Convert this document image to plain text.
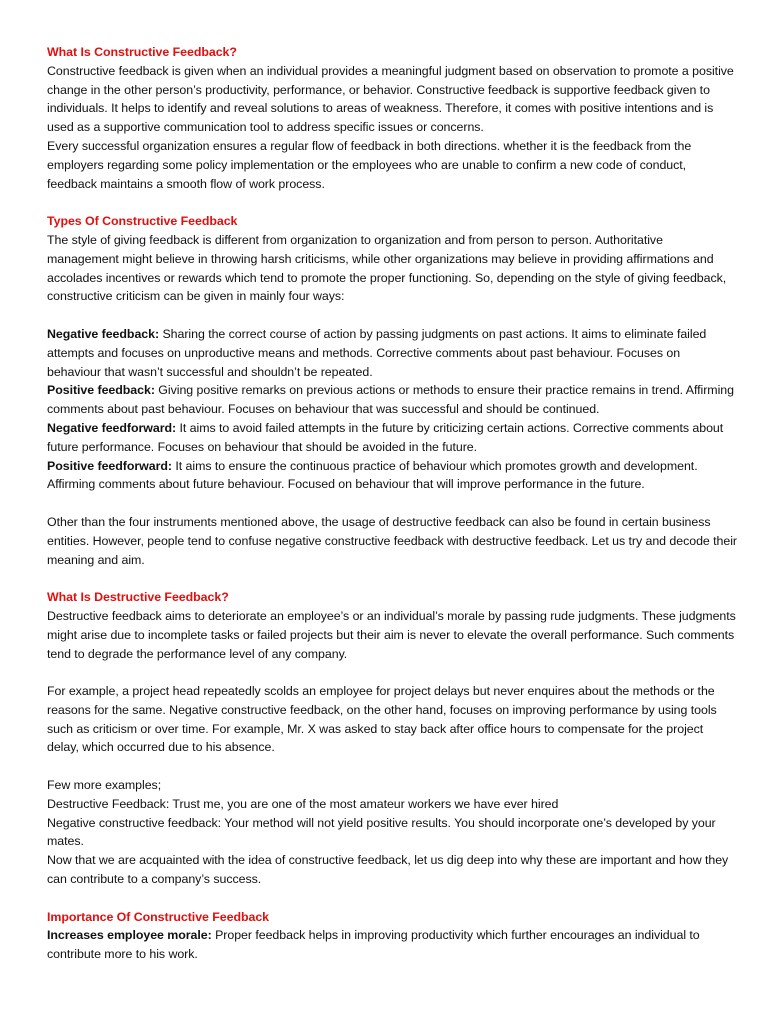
What Is Constructive Feedback?

Constructive feedback is given when an individual provides a meaningful judgment based on observation to promote a positive change in the other person’s productivity, performance, or behavior. Constructive feedback is supportive feedback given to individuals. It helps to identify and reveal solutions to areas of weakness. Therefore, it comes with positive intentions and is used as a supportive communication tool to address specific issues or concerns.

Every successful organization ensures a regular flow of feedback in both directions. whether it is the feedback from the employers regarding some policy implementation or the employees who are unable to confirm a new code of conduct, feedback maintains a smooth flow of work process.

Types Of Constructive Feedback

The style of giving feedback is different from organization to organization and from person to person. Authoritative management might believe in throwing harsh criticisms, while other organizations may believe in providing affirmations and accolades incentives or rewards which tend to promote the proper functioning. So, depending on the style of giving feedback, constructive criticism can be given in mainly four ways:

Negative feedback: Sharing the correct course of action by passing judgments on past actions. It aims to eliminate failed attempts and focuses on unproductive means and methods. Corrective comments about past behaviour. Focuses on behaviour that wasn’t successful and shouldn’t be repeated.

Positive feedback: Giving positive remarks on previous actions or methods to ensure their practice remains in trend. Affirming comments about past behaviour. Focuses on behaviour that was successful and should be continued.

Negative feedforward: It aims to avoid failed attempts in the future by criticizing certain actions. Corrective comments about future performance. Focuses on behaviour that should be avoided in the future.

Positive feedforward: It aims to ensure the continuous practice of behaviour which promotes growth and development. Affirming comments about future behaviour. Focused on behaviour that will improve performance in the future.

Other than the four instruments mentioned above, the usage of destructive feedback can also be found in certain business entities. However, people tend to confuse negative constructive feedback with destructive feedback. Let us try and decode their meaning and aim.

What Is Destructive Feedback?

Destructive feedback aims to deteriorate an employee’s or an individual’s morale by passing rude judgments. These judgments might arise due to incomplete tasks or failed projects but their aim is never to elevate the overall performance. Such comments tend to degrade the performance level of any company.

For example, a project head repeatedly scolds an employee for project delays but never enquires about the methods or the reasons for the same. Negative constructive feedback, on the other hand, focuses on improving performance by using tools such as criticism or over time. For example, Mr. X was asked to stay back after office hours to compensate for the project delay, which occurred due to his absence.

Few more examples;

Destructive Feedback: Trust me, you are one of the most amateur workers we have ever hired

Negative constructive feedback: Your method will not yield positive results. You should incorporate one’s developed by your mates.

Now that we are acquainted with the idea of constructive feedback, let us dig deep into why these are important and how they can contribute to a company’s success.

Importance Of Constructive Feedback

Increases employee morale: Proper feedback helps in improving productivity which further encourages an individual to contribute more to his work.
